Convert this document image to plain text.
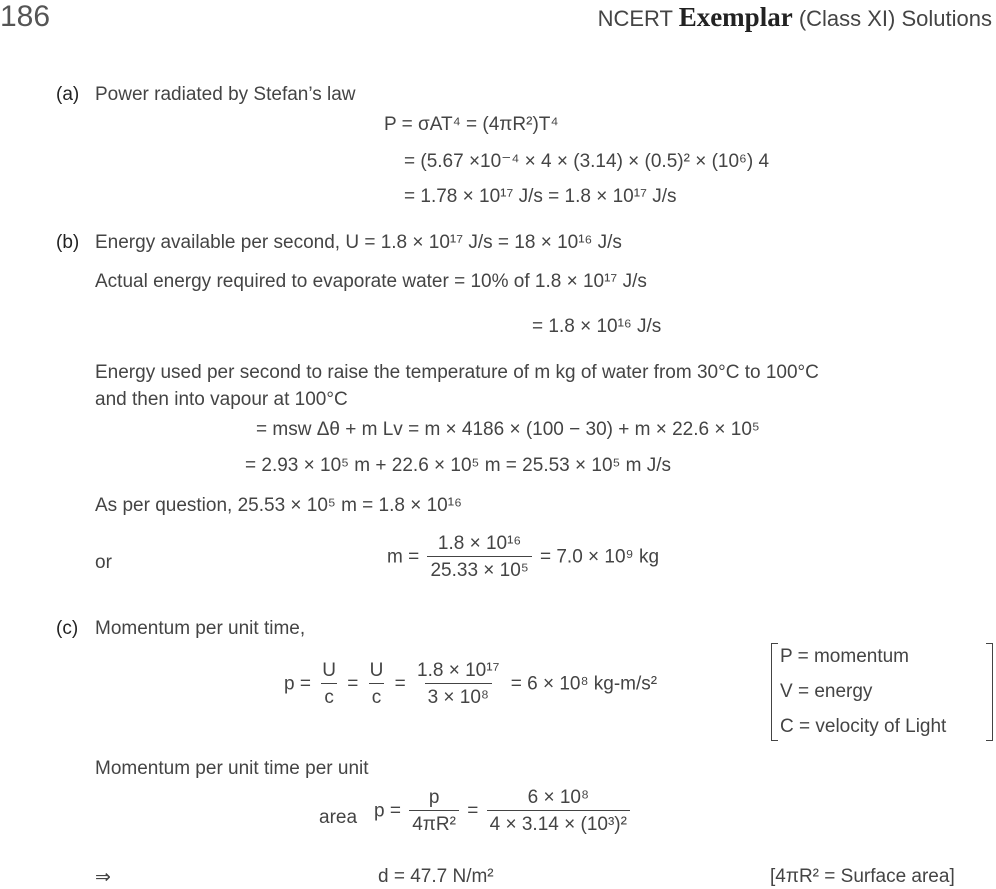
186	NCERT Exemplar (Class XI) Solutions
(a) Power radiated by Stefan’s law
P = σAT⁴ = (4πR²)T⁴
= (5.67 ×10⁻⁴ × 4 × (3.14) × (0.5)² × (10⁶) 4
= 1.78 × 10¹⁷ J/s = 1.8 × 10¹⁷ J/s
(b) Energy available per second, U = 1.8 × 10¹⁷ J/s = 18 × 10¹⁶ J/s
Actual energy required to evaporate water = 10% of 1.8 × 10¹⁷ J/s
= 1.8 × 10¹⁶ J/s
Energy used per second to raise the temperature of m kg of water from 30°C to 100°C
and then into vapour at 100°C
= msw Δθ + m Lv = m × 4186 × (100 − 30) + m × 22.6 × 10⁵
= 2.93 × 10⁵ m + 22.6 × 10⁵ m = 25.53 × 10⁵ m J/s
As per question, 25.53 × 10⁵ m = 1.8 × 10¹⁶
or	$m = \frac{\text{1.8 × 10¹⁶}}{\text{25.33 × 10⁵}} = 7.0 \times 10^9$ kg
(c) Momentum per unit time,
$p = \frac{U}{c} = \frac{U}{c} = \frac{\text{1.8 × 10¹⁷}}{\text{3 × 10⁸}} = 6 \times 10^8$ kg-m/s²
P = momentum
V = energy
C = velocity of Light
Momentum per unit time per unit
area $p = \frac{p}{\text{4πR²}} = \frac{\text{6 × 10⁸}}{\text{4 × 3.14 × (10³)²}}$
⇒	d = 47.7 N/m²	[4πR² = Surface area]
